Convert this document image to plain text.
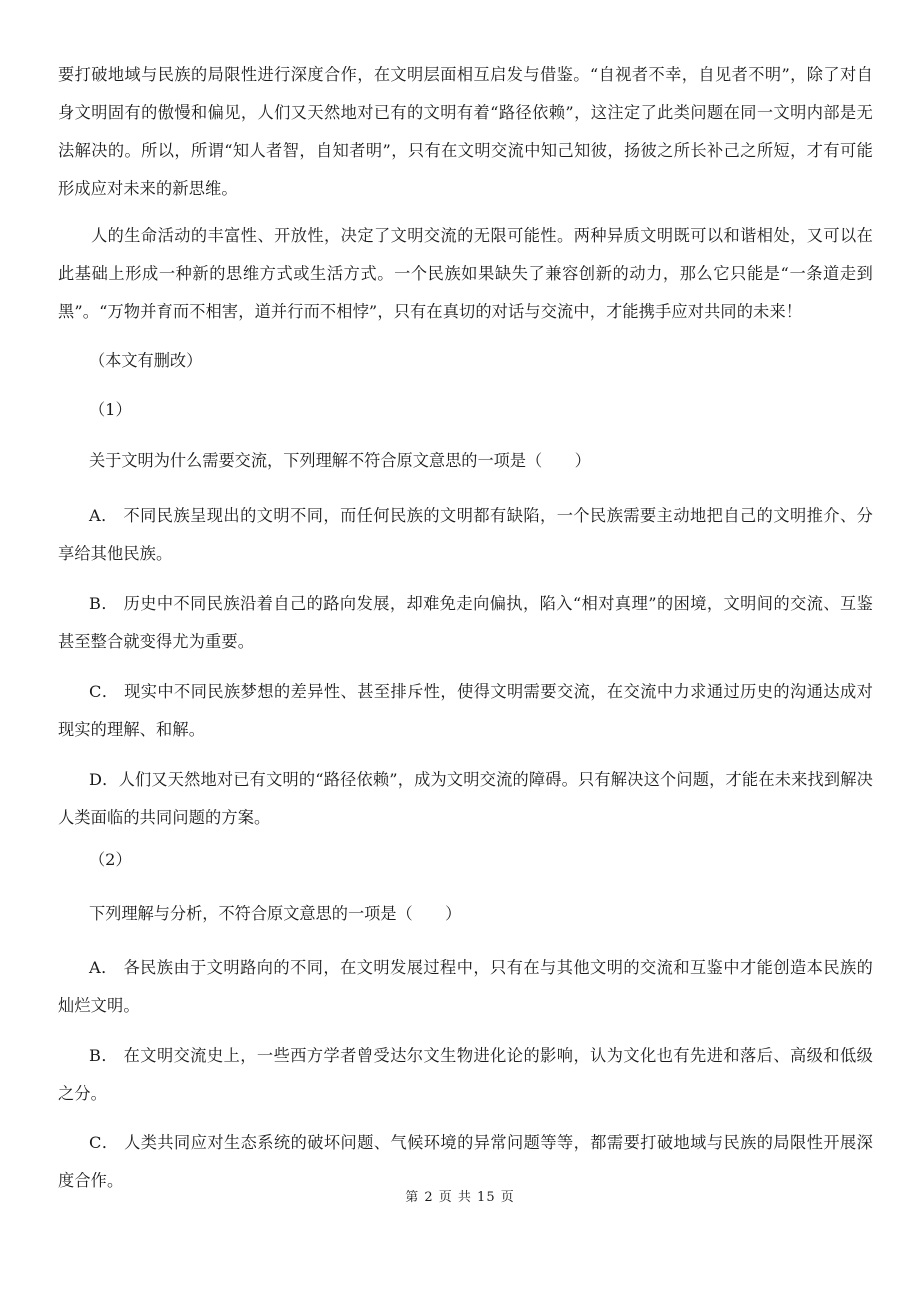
要打破地域与民族的局限性进行深度合作，在文明层面相互启发与借鉴。“自视者不幸，自见者不明”，除了对自身文明固有的傲慢和偏见，人们又天然地对已有的文明有着“路径依赖”，这注定了此类问题在同一文明内部是无法解决的。所以，所谓“知人者智，自知者明”，只有在文明交流中知己知彼，扬彼之所长补己之所短，才有可能形成应对未来的新思维。

人的生命活动的丰富性、开放性，决定了文明交流的无限可能性。两种异质文明既可以和谐相处，又可以在此基础上形成一种新的思维方式或生活方式。一个民族如果缺失了兼容创新的动力，那么它只能是“一条道走到黑”。“万物并育而不相害，道并行而不相悖”，只有在真切的对话与交流中，才能携手应对共同的未来！

（本文有删改）

（1）

关于文明为什么需要交流，下列理解不符合原文意思的一项是（　　）

A． 不同民族呈现出的文明不同，而任何民族的文明都有缺陷，一个民族需要主动地把自己的文明推介、分享给其他民族。

B． 历史中不同民族沿着自己的路向发展，却难免走向偏执，陷入“相对真理”的困境，文明间的交流、互鉴甚至整合就变得尤为重要。

C． 现实中不同民族梦想的差异性、甚至排斥性，使得文明需要交流，在交流中力求通过历史的沟通达成对现实的理解、和解。

D．人们又天然地对已有文明的“路径依赖”，成为文明交流的障碍。只有解决这个问题，才能在未来找到解决人类面临的共同问题的方案。

（2）

下列理解与分析，不符合原文意思的一项是（　　）

A． 各民族由于文明路向的不同，在文明发展过程中，只有在与其他文明的交流和互鉴中才能创造本民族的灿烂文明。

B． 在文明交流史上，一些西方学者曾受达尔文生物进化论的影响，认为文化也有先进和落后、高级和低级之分。

C． 人类共同应对生态系统的破坏问题、气候环境的异常问题等等，都需要打破地域与民族的局限性开展深度合作。

第 2 页 共 15 页
